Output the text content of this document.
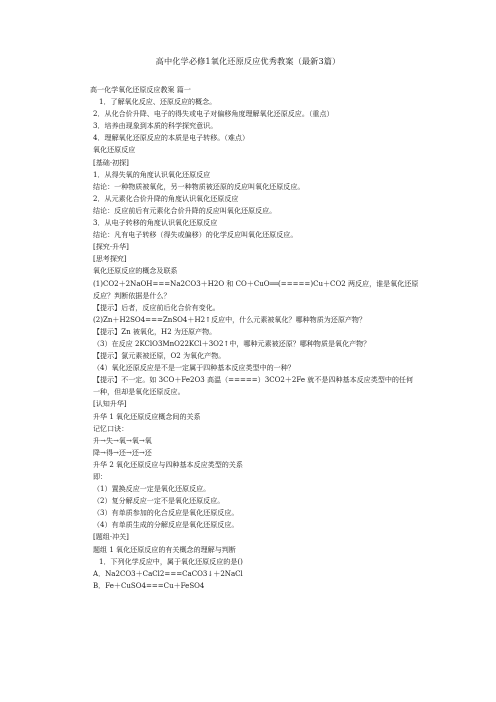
高中化学必修1氧化还原反应优秀教案（最新3篇）
高一化学氧化还原反应教案 篇一
1．了解氧化反应、还原反应的概念。
2．从化合价升降、电子的得失或电子对偏移角度理解氧化还原反应。（重点）
3．培养由现象到本质的科学探究意识。
4．理解氧化还原反应的本质是电子转移。（难点）
氧化还原反应
[基础·初探]
1．从得失氧的角度认识氧化还原反应
结论：一种物质被氧化，另一种物质被还原的反应叫氧化还原反应。
2．从元素化合价升降的角度认识氧化还原反应
结论：反应前后有元素化合价升降的反应叫氧化还原反应。
3．从电子转移的角度认识氧化还原反应
结论：凡有电子转移（得失或偏移）的化学反应叫氧化还原反应。
[探究·升华]
[思考探究]
氧化还原反应的概念及联系
(1)CO2＋2NaOH===Na2CO3＋H2O 和 CO＋CuO══(=====)Cu＋CO2 两反应，谁是氧化还原反应？判断依据是什么？
【提示】后者，反应前后化合价有变化。
(2)Zn＋H2SO4===ZnSO4＋H2↑反应中，什么元素被氧化？哪种物质为还原产物？
【提示】Zn 被氧化，H2 为还原产物。
（3）在反应 2KClO3MnO22KCl＋3O2↑中，哪种元素被还原？哪种物质是氧化产物？
【提示】氯元素被还原，O2 为氧化产物。
（4）氧化还原反应是不是一定属于四种基本反应类型中的一种？
【提示】不一定。如 3CO＋Fe2O3 高温（=====）3CO2＋2Fe 就不是四种基本反应类型中的任何一种，但却是氧化还原反应。
[认知升华]
升华 1 氧化还原反应概念间的关系
记忆口诀：
升→失→氧→氧→氧
降→得→还→还→还
升华 2 氧化还原反应与四种基本反应类型的关系
即：
（1）置换反应一定是氧化还原反应。
（2）复分解反应一定不是氧化还原反应。
（3）有单质参加的化合反应是氧化还原反应。
（4）有单质生成的分解反应是氧化还原反应。
[题组·冲关]
题组 1 氧化还原反应的有关概念的理解与判断
1．下列化学反应中，属于氧化还原反应的是()
A．Na2CO3＋CaCl2===CaCO3↓＋2NaCl
B．Fe＋CuSO4===Cu＋FeSO4
